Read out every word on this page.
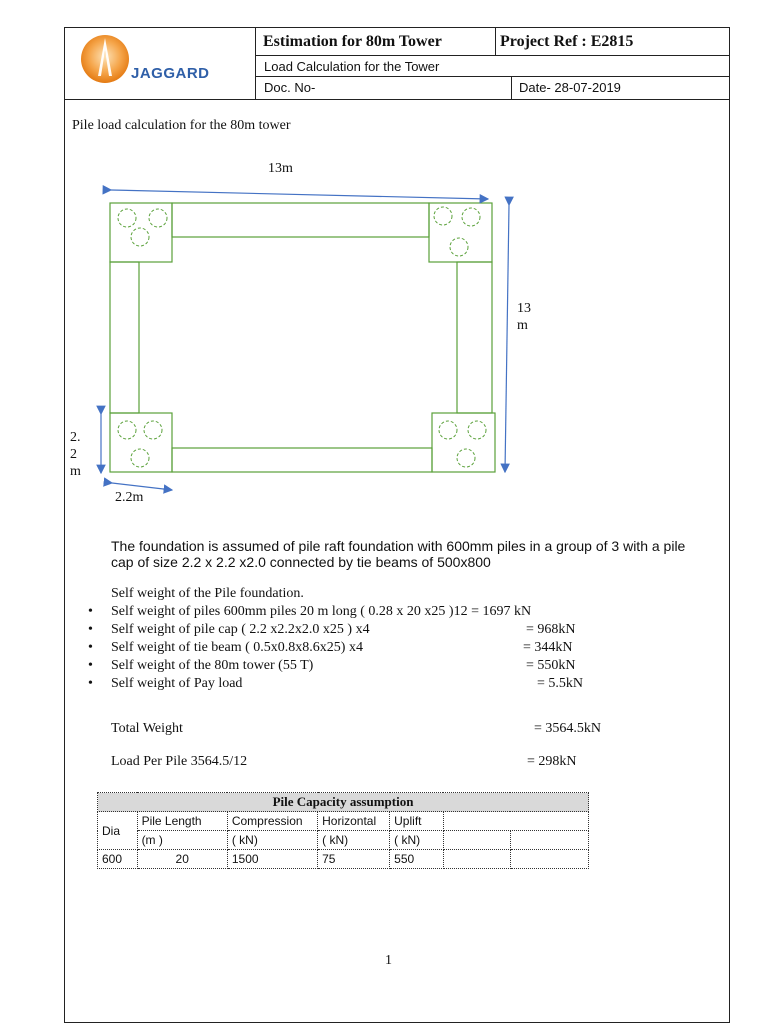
JAGGARD
Estimation for 80m Tower	Project Ref : E2815
Load Calculation for the Tower
Doc. No-	Date- 28-07-2019
Pile load calculation for the 80m tower
13m
13
m
2.
2
m
2.2m
The foundation is assumed of pile raft foundation with 600mm piles in a group of 3 with a pile
cap of size 2.2 x 2.2 x2.0 connected by tie beams of 500x800
Self weight of the Pile foundation.
• Self weight of piles 600mm piles 20 m long ( 0.28 x 20 x25 )12 = 1697 kN
• Self weight of pile cap ( 2.2 x2.2x2.0 x25 ) x4	= 968kN
• Self weight of tie beam ( 0.5x0.8x8.6x25) x4	= 344kN
• Self weight of the 80m tower (55 T)	= 550kN
• Self weight of Pay load	= 5.5kN
Total Weight	= 3564.5kN
Load Per Pile 3564.5/12	= 298kN
Pile Capacity assumption						
Dia	Pile Length	Compression	Horizontal	Uplift		
	(m )	( kN)	( kN)	( kN)		
600	20	1500	75	550		
1
